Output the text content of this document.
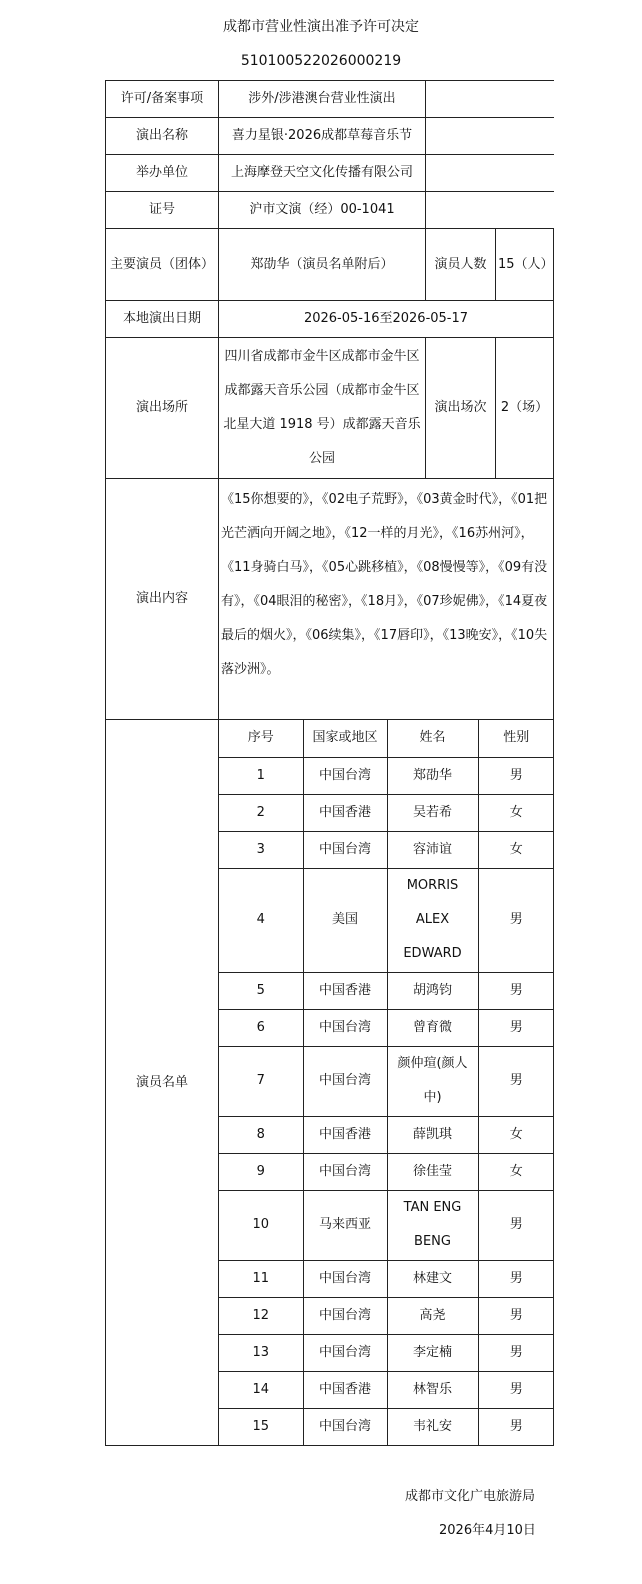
成都市营业性演出准予许可决定
510100522026000219
许可/备案事项	涉外/涉港澳台营业性演出	
演出名称	喜力星银·2026成都草莓音乐节	
举办单位	上海摩登天空文化传播有限公司	
证号	沪市文演（经）00-1041	
主要演员（团体）	郑劭华（演员名单附后）	演员人数	15（人）
本地演出日期	2026-05-16至2026-05-17
演出场所	四川省成都市金牛区成都市金牛区成都露天音乐公园（成都市金牛区北星大道 1918 号）成都露天音乐公园	演出场次	2（场）
演出内容	《15你想要的》，《02电子荒野》，《03黄金时代》，《01把光芒洒向开阔之地》，《12一样的月光》，《16苏州河》，《11身骑白马》，《05心跳移植》，《08慢慢等》，《09有没有》，《04眼泪的秘密》，《18月》，《07珍妮佛》，《14夏夜最后的烟火》，《06续集》，《17唇印》，《13晚安》，《10失落沙洲》。
演员名单	
序号	国家或地区	姓名	性别
1	中国台湾	郑劭华	男
2	中国香港	吴若希	女
3	中国台湾	容沛谊	女
4	美国	MORRIS ALEX EDWARD	男
5	中国香港	胡鸿钧	男
6	中国台湾	曾育微	男
7	中国台湾	颜仲瑄(颜人中)	男
8	中国香港	薛凯琪	女
9	中国台湾	徐佳莹	女
10	马来西亚	TAN ENG BENG	男
11	中国台湾	林建文	男
12	中国台湾	高尧	男
13	中国台湾	李定楠	男
14	中国香港	林智乐	男
15	中国台湾	韦礼安	男
成都市文化广电旅游局
2026年4月10日
